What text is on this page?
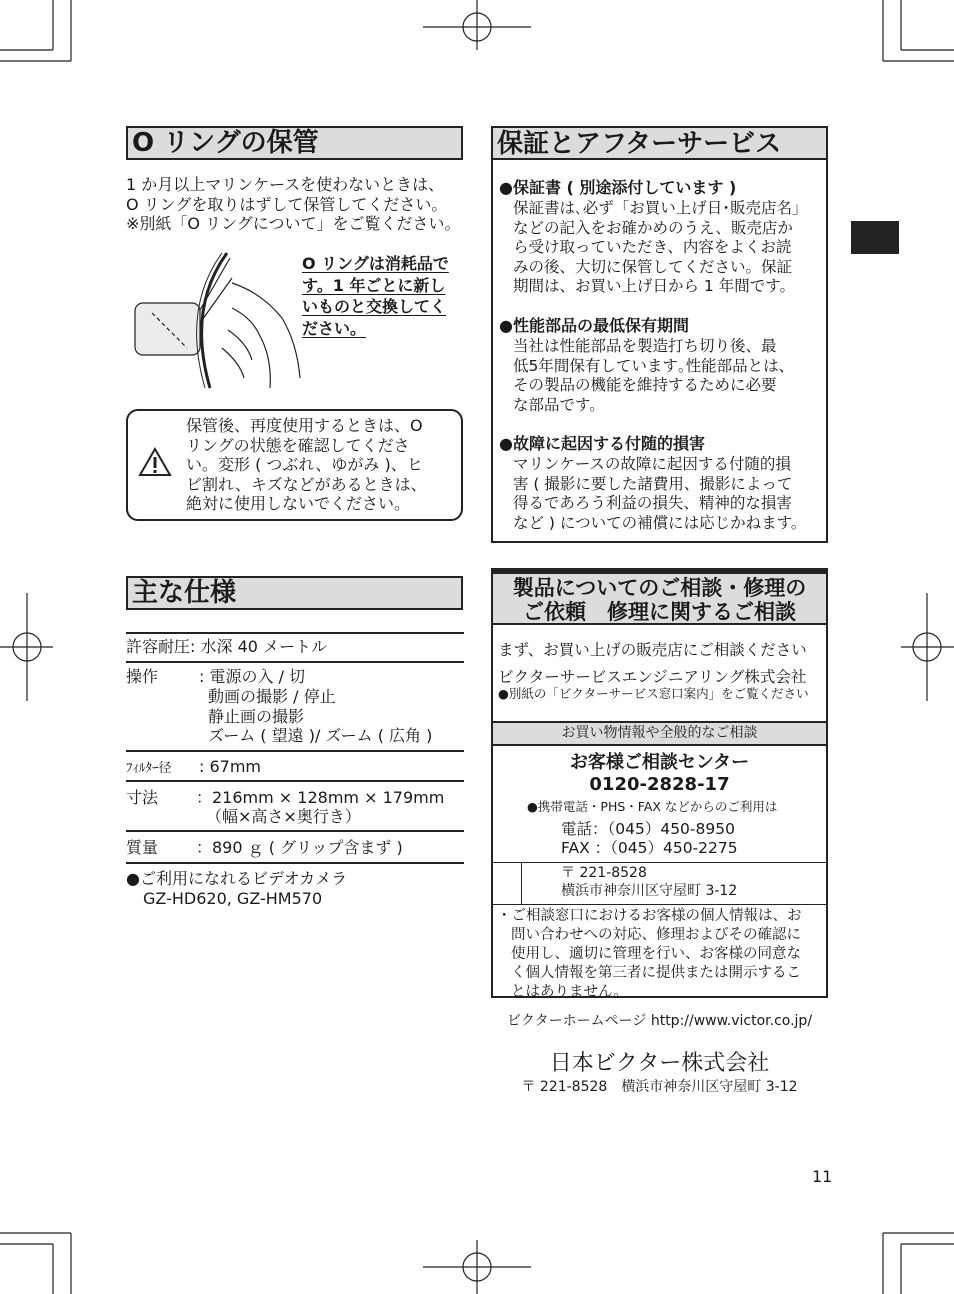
O リングの保管
1 か月以上マリンケースを使わないときは、
O リングを取りはずして保管してください。
※別紙「O リングについて」をご覧ください。
O リングは消耗品で
す。1 年ごとに新し
いものと交換してく
ださい。
保管後、再度使用するときは、O
リングの状態を確認してくださ
い。変形 ( つぶれ、ゆがみ )、ヒ
ビ割れ、キズなどがあるときは、
絶対に使用しないでください。
主な仕様
許容耐圧: 水深 40 メートル
操作	: 電源の入 / 切
動画の撮影 / 停止
静止画の撮影
ズーム ( 望遠 )/ ズーム ( 広角 )
ﾌｨﾙﾀｰ径 : 67mm
寸法 ：216mm × 128mm × 179mm
（幅×高さ×奥行き）
質量 ：890 ｇ ( グリップ含まず )
●ご利用になれるビデオカメラ
GZ-HD620, GZ-HM570
保証とアフターサービス
●保証書 ( 別途添付しています )
保証書は､必ず「お買い上げ日･販売店名」
などの記入をお確かめのうえ、販売店か
ら受け取っていただき、内容をよくお読
みの後、大切に保管してください。保証
期間は、お買い上げ日から 1 年間です。
●性能部品の最低保有期間
当社は性能部品を製造打ち切り後、最
低5年間保有しています｡性能部品とは、
その製品の機能を維持するために必要
な部品です。
●故障に起因する付随的損害
マリンケースの故障に起因する付随的損
害 ( 撮影に要した諸費用、撮影によって
得るであろう利益の損失、精神的な損害
など ) についての補償には応じかねます。
製品についてのご相談・修理の
ご依頼　修理に関するご相談
まず、お買い上げの販売店にご相談ください
ビクターサービスエンジニアリング株式会社
●別紙の「ビクターサービス窓口案内」をご覧ください
お買い物情報や全般的なご相談
お客様ご相談センター
0120-2828-17
●携帯電話・PHS・FAX などからのご利用は
電話：（045）450-8950
FAX ：（045）450-2275
〒 221-8528
横浜市神奈川区守屋町 3-12
・ご相談窓口におけるお客様の個人情報は、お
問い合わせへの対応、修理およびその確認に
使用し、適切に管理を行い、お客様の同意な
く個人情報を第三者に提供または開示するこ
とはありません。
ビクターホームページ http://www.victor.co.jp/
日本ビクター株式会社
〒 221-8528　横浜市神奈川区守屋町 3-12
11
